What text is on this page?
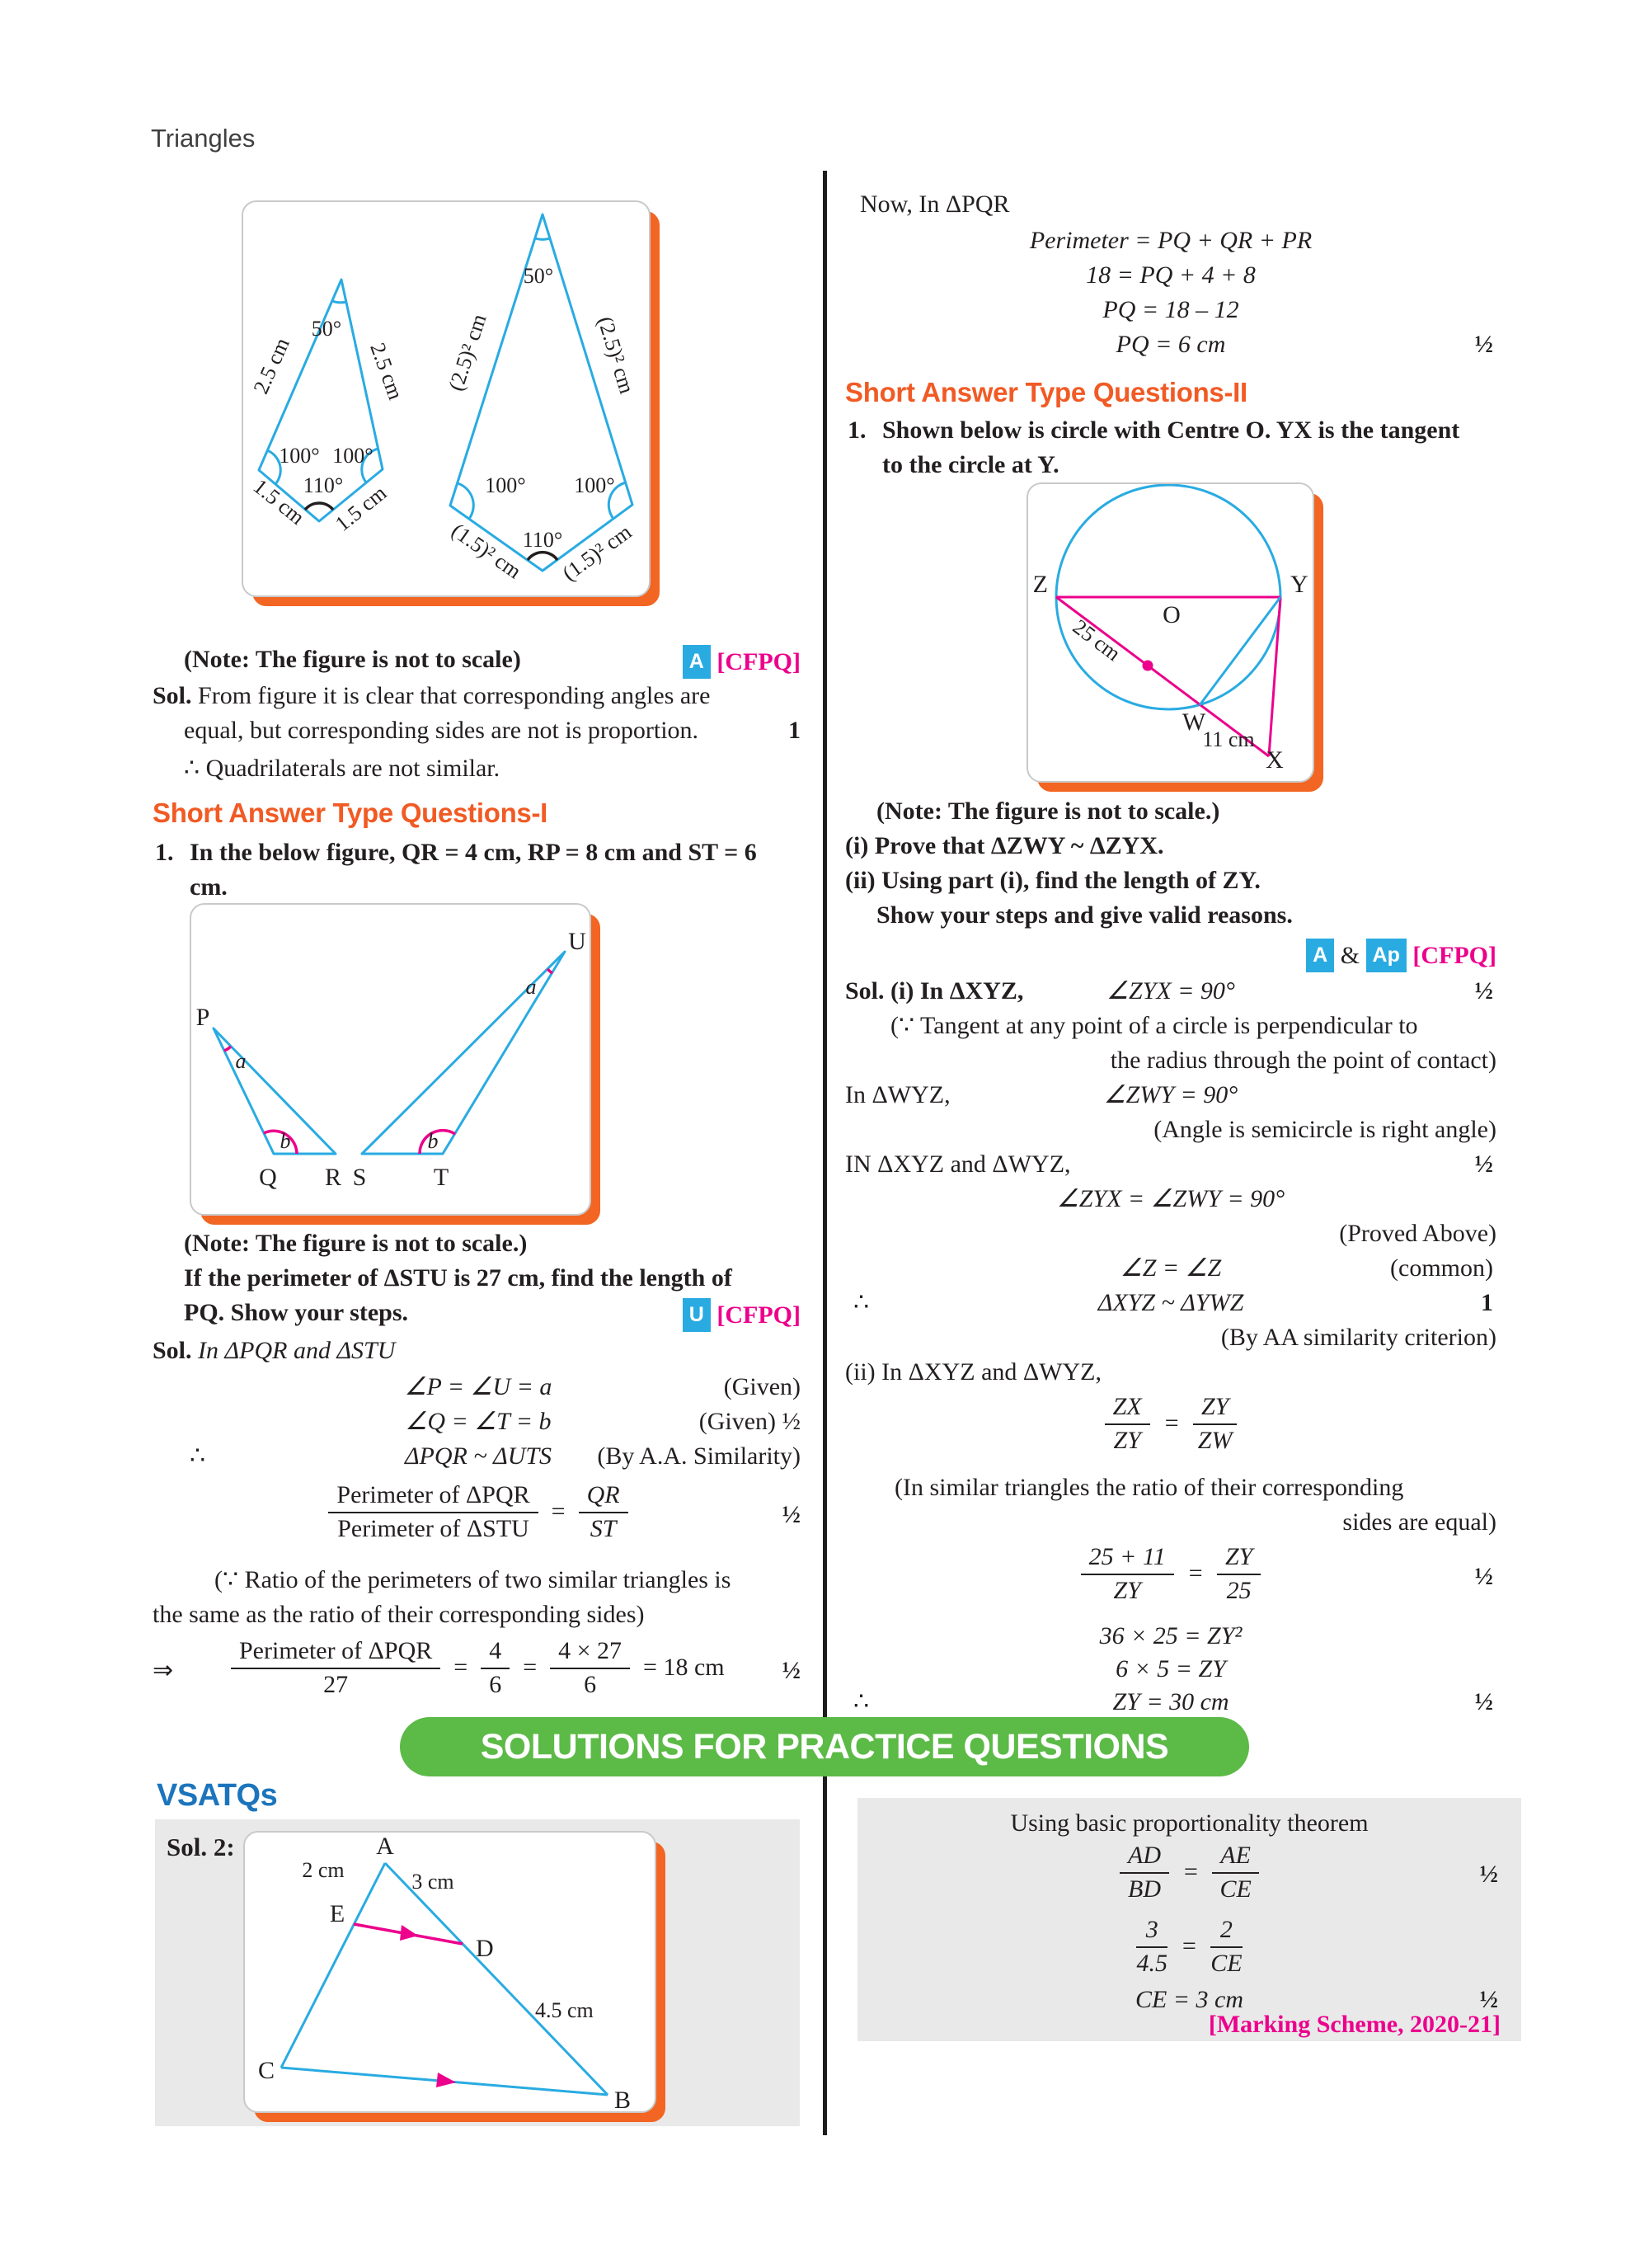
Triangles
50°
2.5 cm	2.5 cm
100° 100°
110°
1.5 cm 1.5 cm
50°
(2.5)² cm	(2.5)² cm
100° 100°
110°
(1.5)² cm (1.5)² cm
P
Q R S	T
U
a
b	b
a
Z	Y
O
W
X
25 cm
11 cm
(Note: The figure is not to scale)	A [CFPQ]
Sol. From figure it is clear that corresponding angles are
equal, but corresponding sides are not is proportion.	1
∴ Quadrilaterals are not similar.
Short Answer Type Questions-I
1. In the below figure, QR = 4 cm, RP = 8 cm and ST = 6
cm.
(Note: The figure is not to scale.)
If the perimeter of ΔSTU is 27 cm, find the length of
PQ. Show your steps.	U [CFPQ]
Sol. In ΔPQR and ΔSTU
∠P = ∠U = a	(Given)
∠Q = ∠T = b	(Given) ½
∴	ΔPQR ~ ΔUTS	(By A.A. Similarity)
$\frac{\text{Perimeter of ΔPQR}}{\text{Perimeter of ΔSTU}} = \frac{QR}{ST}$	½
(∵ Ratio of the perimeters of two similar triangles is
the same as the ratio of their corresponding sides)
⇒ $\frac{\text{Perimeter of ΔPQR}}{27} = \frac{4}{6} = \frac{4 \times 27}{6} = 18$ cm ½
Now, In ΔPQR
Perimeter = PQ + QR + PR
18 = PQ + 4 + 8
PQ = 18 – 12
PQ = 6 cm	½
Short Answer Type Questions-II
1. Shown below is circle with Centre O. YX is the tangent
to the circle at Y.
(Note: The figure is not to scale.)
(i) Prove that ΔZWY ~ ΔZYX.
(ii) Using part (i), find the length of ZY.
Show your steps and give valid reasons.
A & Ap [CFPQ]
Sol. (i) In ΔXYZ,	∠ZYX = 90°	½
(∵ Tangent at any point of a circle is perpendicular to
the radius through the point of contact)
In ΔWYZ,	∠ZWY = 90°
(Angle is semicircle is right angle)
IN ΔXYZ and ΔWYZ,	½
∠ZYX = ∠ZWY = 90°
(Proved Above)
∠Z = ∠Z	(common)
∴	ΔXYZ ~ ΔYWZ	1
(By AA similarity criterion)
(ii) In ΔXYZ and ΔWYZ,
$\frac{ZX}{ZY} = \frac{ZY}{ZW}$
(In similar triangles the ratio of their corresponding
sides are equal)
$\frac{25 + 11}{ZY} = \frac{ZY}{25}$	½
36 × 25 = ZY²
6 × 5 = ZY
∴	ZY = 30 cm	½
SOLUTIONS FOR PRACTICE QUESTIONS
VSATQs
Sol. 2:	A
2 cm	3 cm
E
D
4.5 cm
C
B
Using basic proportionality theorem
$\frac{AD}{BD} = \frac{AE}{CE}$	½
$\frac{3}{4.5} = \frac{2}{CE}$
CE = 3 cm	½
[Marking Scheme, 2020-21]
